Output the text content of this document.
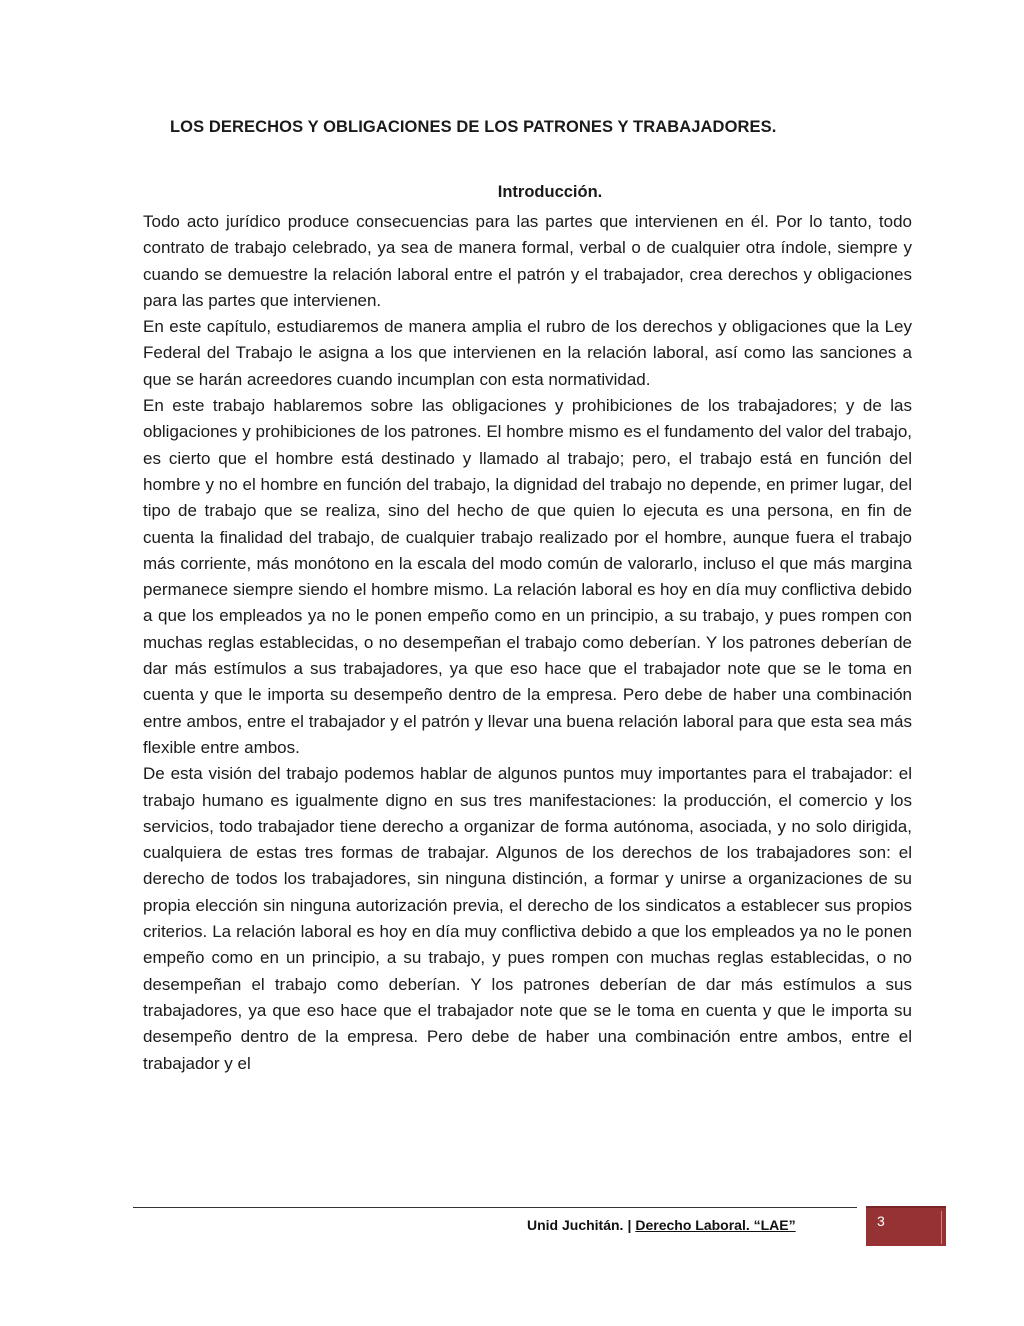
LOS DERECHOS Y OBLIGACIONES DE LOS PATRONES Y TRABAJADORES.
Introducción.

Todo acto jurídico produce consecuencias para las partes que intervienen en él. Por lo tanto, todo contrato de trabajo celebrado, ya sea de manera formal, verbal o de cualquier otra índole, siempre y cuando se demuestre la relación laboral entre el patrón y el trabajador, crea derechos y obligaciones para las partes que intervienen.

En este capítulo, estudiaremos de manera amplia el rubro de los derechos y obligaciones que la Ley Federal del Trabajo le asigna a los que intervienen en la relación laboral, así como las sanciones a que se harán acreedores cuando incumplan con esta normatividad.

En este trabajo hablaremos sobre las obligaciones y prohibiciones de los trabajadores; y de las obligaciones y prohibiciones de los patrones. El hombre mismo es el fundamento del valor del trabajo, es cierto que el hombre está destinado y llamado al trabajo; pero, el trabajo está en función del hombre y no el hombre en función del trabajo, la dignidad del trabajo no depende, en primer lugar, del tipo de trabajo que se realiza, sino del hecho de que quien lo ejecuta es una persona, en fin de cuenta la finalidad del trabajo, de cualquier trabajo realizado por el hombre, aunque fuera el trabajo más corriente, más monótono en la escala del modo común de valorarlo, incluso el que más margina permanece siempre siendo el hombre mismo. La relación laboral es hoy en día muy conflictiva debido a que los empleados ya no le ponen empeño como en un principio, a su trabajo, y pues rompen con muchas reglas establecidas, o no desempeñan el trabajo como deberían. Y los patrones deberían de dar más estímulos a sus trabajadores, ya que eso hace que el trabajador note que se le toma en cuenta y que le importa su desempeño dentro de la empresa. Pero debe de haber una combinación entre ambos, entre el trabajador y el patrón y llevar una buena relación laboral para que esta sea más flexible entre ambos.

De esta visión del trabajo podemos hablar de algunos puntos muy importantes para el trabajador: el trabajo humano es igualmente digno en sus tres manifestaciones: la producción, el comercio y los servicios, todo trabajador tiene derecho a organizar de forma autónoma, asociada, y no solo dirigida, cualquiera de estas tres formas de trabajar. Algunos de los derechos de los trabajadores son: el derecho de todos los trabajadores, sin ninguna distinción, a formar y unirse a organizaciones de su propia elección sin ninguna autorización previa, el derecho de los sindicatos a establecer sus propios criterios. La relación laboral es hoy en día muy conflictiva debido a que los empleados ya no le ponen empeño como en un principio, a su trabajo, y pues rompen con muchas reglas establecidas, o no desempeñan el trabajo como deberían. Y los patrones deberían de dar más estímulos a sus trabajadores, ya que eso hace que el trabajador note que se le toma en cuenta y que le importa su desempeño dentro de la empresa. Pero debe de haber una combinación entre ambos, entre el trabajador y el

Unid Juchitán. | Derecho Laboral. “LAE”	3
